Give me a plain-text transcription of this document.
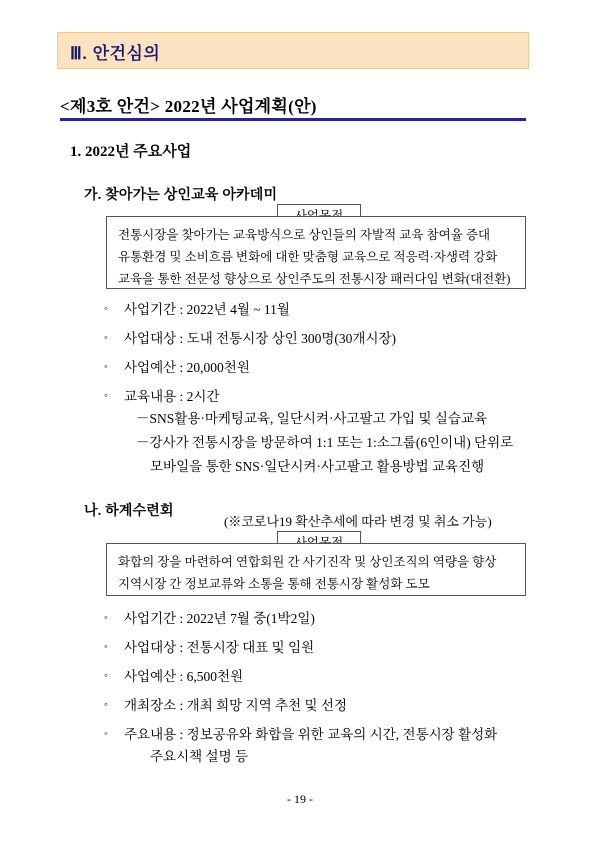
Ⅲ. 안건심의
<제3호 안건> 2022년 사업계획(안)
1. 2022년 주요사업
가. 찾아가는 상인교육 아카데미
전통시장을 찾아가는 교육방식으로 상인들의 자발적 교육 참여율 증대
유통환경 및 소비흐름 변화에 대한 맞춤형 교육으로 적응력·자생력 강화
교육을 통한 전문성 향상으로 상인주도의 전통시장 패러다임 변화(대전환)
◦	사업기간 : 2022년 4월 ~ 11월
◦	사업대상 : 도내 전통시장 상인 300명(30개시장)
◦	사업예산 : 20,000천원
◦	교육내용 : 2시간
－SNS활용·마케팅교육, 일단시켜·사고팔고 가입 및 실습교육
－강사가 전통시장을 방문하여 1:1 또는 1:소그룹(6인이내) 단위로
모바일을 통한 SNS·일단시켜·사고팔고 활용방법 교육진행
나. 하계수련회
(※코로나19 확산추세에 따라 변경 및 취소 가능)
화합의 장을 마련하여 연합회원 간 사기진작 및 상인조직의 역량을 향상
지역시장 간 정보교류와 소통을 통해 전통시장 활성화 도모
◦	사업기간 : 2022년 7월 중(1박2일)
◦	사업대상 : 전통시장 대표 및 임원
◦	사업예산 : 6,500천원
◦	개최장소 : 개최 희망 지역 추천 및 선정
◦	주요내용 : 정보공유와 화합을 위한 교육의 시간, 전통시장 활성화
주요시책 설명 등
- 19 -
